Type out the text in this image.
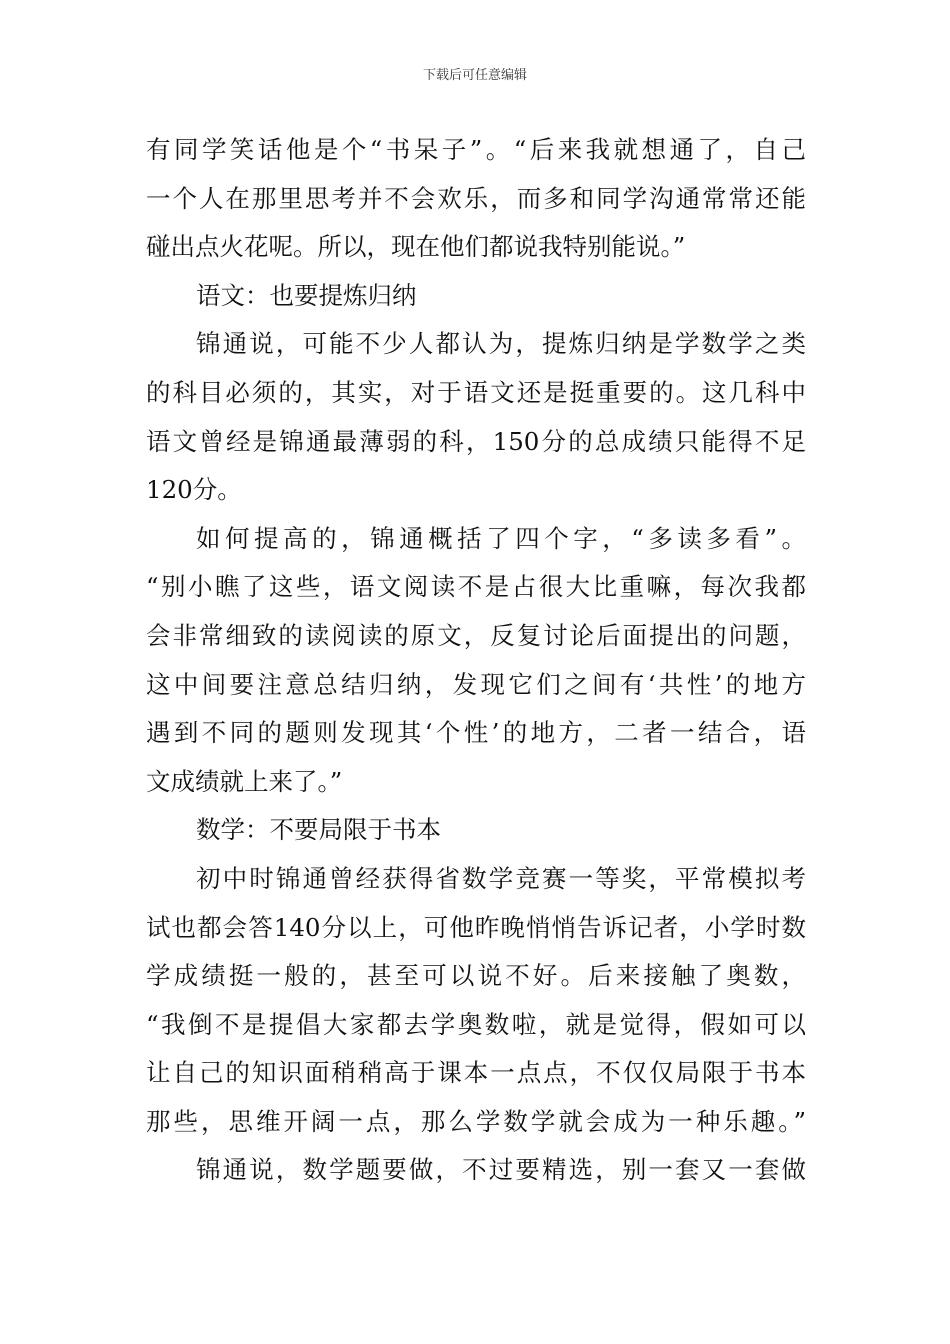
下载后可任意编辑
有同学笑话他是个“书呆子”。“后来我就想通了，自己
一个人在那里思考并不会欢乐，而多和同学沟通常常还能
碰出点火花呢。所以，现在他们都说我特别能说。”
语文：也要提炼归纳
锦通说，可能不少人都认为，提炼归纳是学数学之类
的科目必须的，其实，对于语文还是挺重要的。这几科中
语文曾经是锦通最薄弱的科，150分的总成绩只能得不足
120分。
如何提高的，锦通概括了四个字，“多读多看”。
“别小瞧了这些，语文阅读不是占很大比重嘛，每次我都
会非常细致的读阅读的原文，反复讨论后面提出的问题，
这中间要注意总结归纳，发现它们之间有‘共性’的地方
遇到不同的题则发现其‘个性’的地方，二者一结合，语
文成绩就上来了。”
数学：不要局限于书本
初中时锦通曾经获得省数学竞赛一等奖，平常模拟考
试也都会答140分以上，可他昨晚悄悄告诉记者，小学时数
学成绩挺一般的，甚至可以说不好。后来接触了奥数，
“我倒不是提倡大家都去学奥数啦，就是觉得，假如可以
让自己的知识面稍稍高于课本一点点，不仅仅局限于书本
那些，思维开阔一点，那么学数学就会成为一种乐趣。”
锦通说，数学题要做，不过要精选，别一套又一套做
